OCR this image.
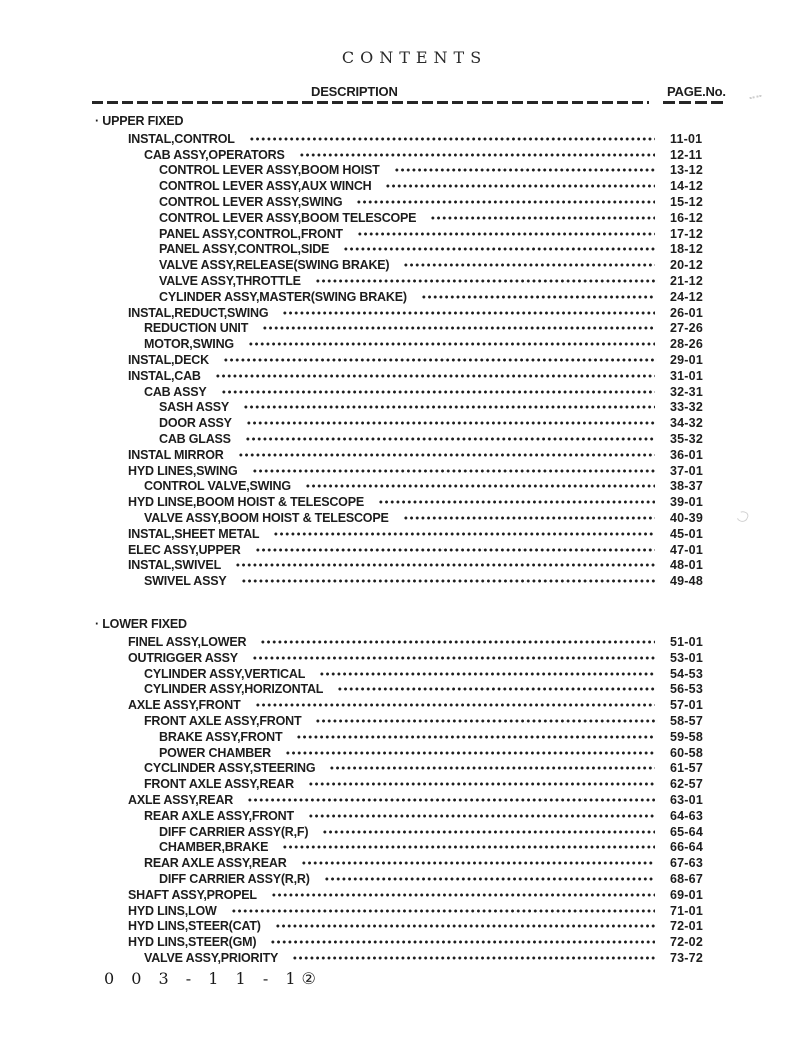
CONTENTS
DESCRIPTION	PAGE.No.
· UPPER FIXED
INSTAL,CONTROL	11-01
CAB ASSY,OPERATORS	12-11
CONTROL LEVER ASSY,BOOM HOIST	13-12
CONTROL LEVER ASSY,AUX WINCH	14-12
CONTROL LEVER ASSY,SWING	15-12
CONTROL LEVER ASSY,BOOM TELESCOPE	16-12
PANEL ASSY,CONTROL,FRONT	17-12
PANEL ASSY,CONTROL,SIDE	18-12
VALVE ASSY,RELEASE(SWING BRAKE)	20-12
VALVE ASSY,THROTTLE	21-12
CYLINDER ASSY,MASTER(SWING BRAKE)	24-12
INSTAL,REDUCT,SWING	26-01
REDUCTION UNIT	27-26
MOTOR,SWING	28-26
INSTAL,DECK	29-01
INSTAL,CAB	31-01
CAB ASSY	32-31
SASH ASSY	33-32
DOOR ASSY	34-32
CAB GLASS	35-32
INSTAL MIRROR	36-01
HYD LINES,SWING	37-01
CONTROL VALVE,SWING	38-37
HYD LINSE,BOOM HOIST & TELESCOPE	39-01
VALVE ASSY,BOOM HOIST & TELESCOPE	40-39
INSTAL,SHEET METAL	45-01
ELEC ASSY,UPPER	47-01
INSTAL,SWIVEL	48-01
SWIVEL ASSY	49-48
· LOWER FIXED
FINEL ASSY,LOWER	51-01
OUTRIGGER ASSY	53-01
CYLINDER ASSY,VERTICAL	54-53
CYLINDER ASSY,HORIZONTAL	56-53
AXLE ASSY,FRONT	57-01
FRONT AXLE ASSY,FRONT	58-57
BRAKE ASSY,FRONT	59-58
POWER CHAMBER	60-58
CYCLINDER ASSY,STEERING	61-57
FRONT AXLE ASSY,REAR	62-57
AXLE ASSY,REAR	63-01
REAR AXLE ASSY,FRONT	64-63
DIFF CARRIER ASSY(R,F)	65-64
CHAMBER,BRAKE	66-64
REAR AXLE ASSY,REAR	67-63
DIFF CARRIER ASSY(R,R)	68-67
SHAFT ASSY,PROPEL	69-01
HYD LINS,LOW	71-01
HYD LINS,STEER(CAT)	72-01
HYD LINS,STEER(GM)	72-02
VALVE ASSY,PRIORITY	73-72
0 0 3 - 1 1 - 1②
